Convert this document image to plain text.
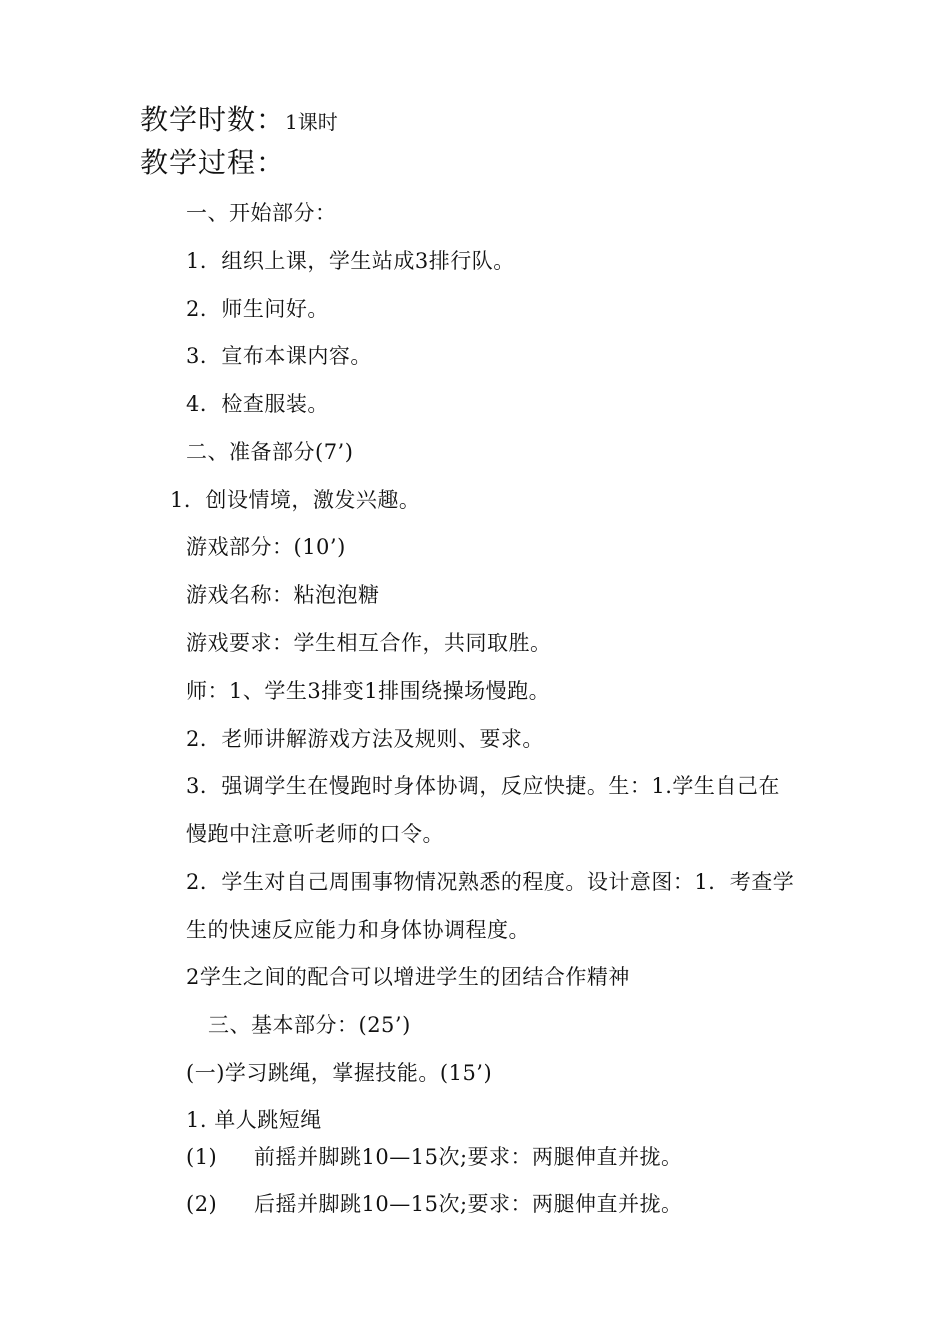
教学时数：1课时
教学过程：
一、开始部分：
1．组织上课，学生站成3排行队。
2．师生问好。
3．宣布本课内容。
4．检查服装。
二、准备部分(7’)
1．创设情境，激发兴趣。
游戏部分：(10’)
游戏名称：粘泡泡糖
游戏要求：学生相互合作，共同取胜。
师：1、学生3排变1排围绕操场慢跑。
2．老师讲解游戏方法及规则、要求。
3．强调学生在慢跑时身体协调，反应快捷。生：1.学生自己在
慢跑中注意听老师的口令。
2．学生对自己周围事物情况熟悉的程度。设计意图：1．考查学
生的快速反应能力和身体协调程度。
2学生之间的配合可以增进学生的团结合作精神
三、基本部分：(25’)
(一)学习跳绳，掌握技能。(15’)
1. 单人跳短绳
(1) 前摇并脚跳10—15次;要求：两腿伸直并拢。
(2) 后摇并脚跳10—15次;要求：两腿伸直并拢。
